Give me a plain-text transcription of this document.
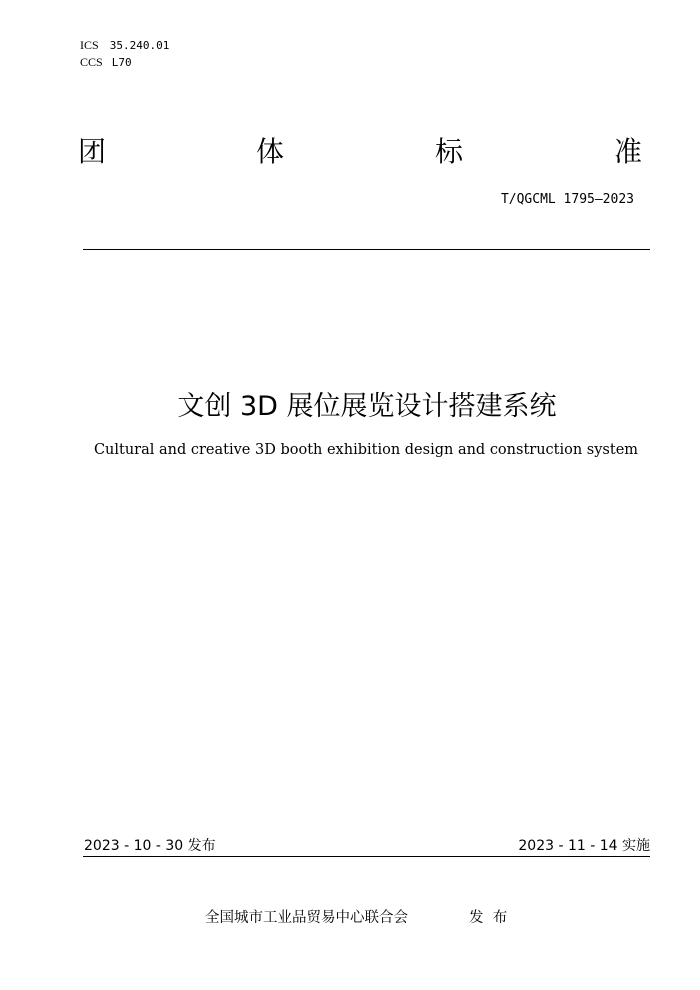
ICS 35.240.01
CCS L70
团	体	标	准
T/QGCML 1795—2023
文创 3D 展位展览设计搭建系统
Cultural and creative 3D booth exhibition design and construction system
2023 - 10 - 30 发布	2023 - 11 - 14 实施
全国城市工业品贸易中心联合会	发  布
